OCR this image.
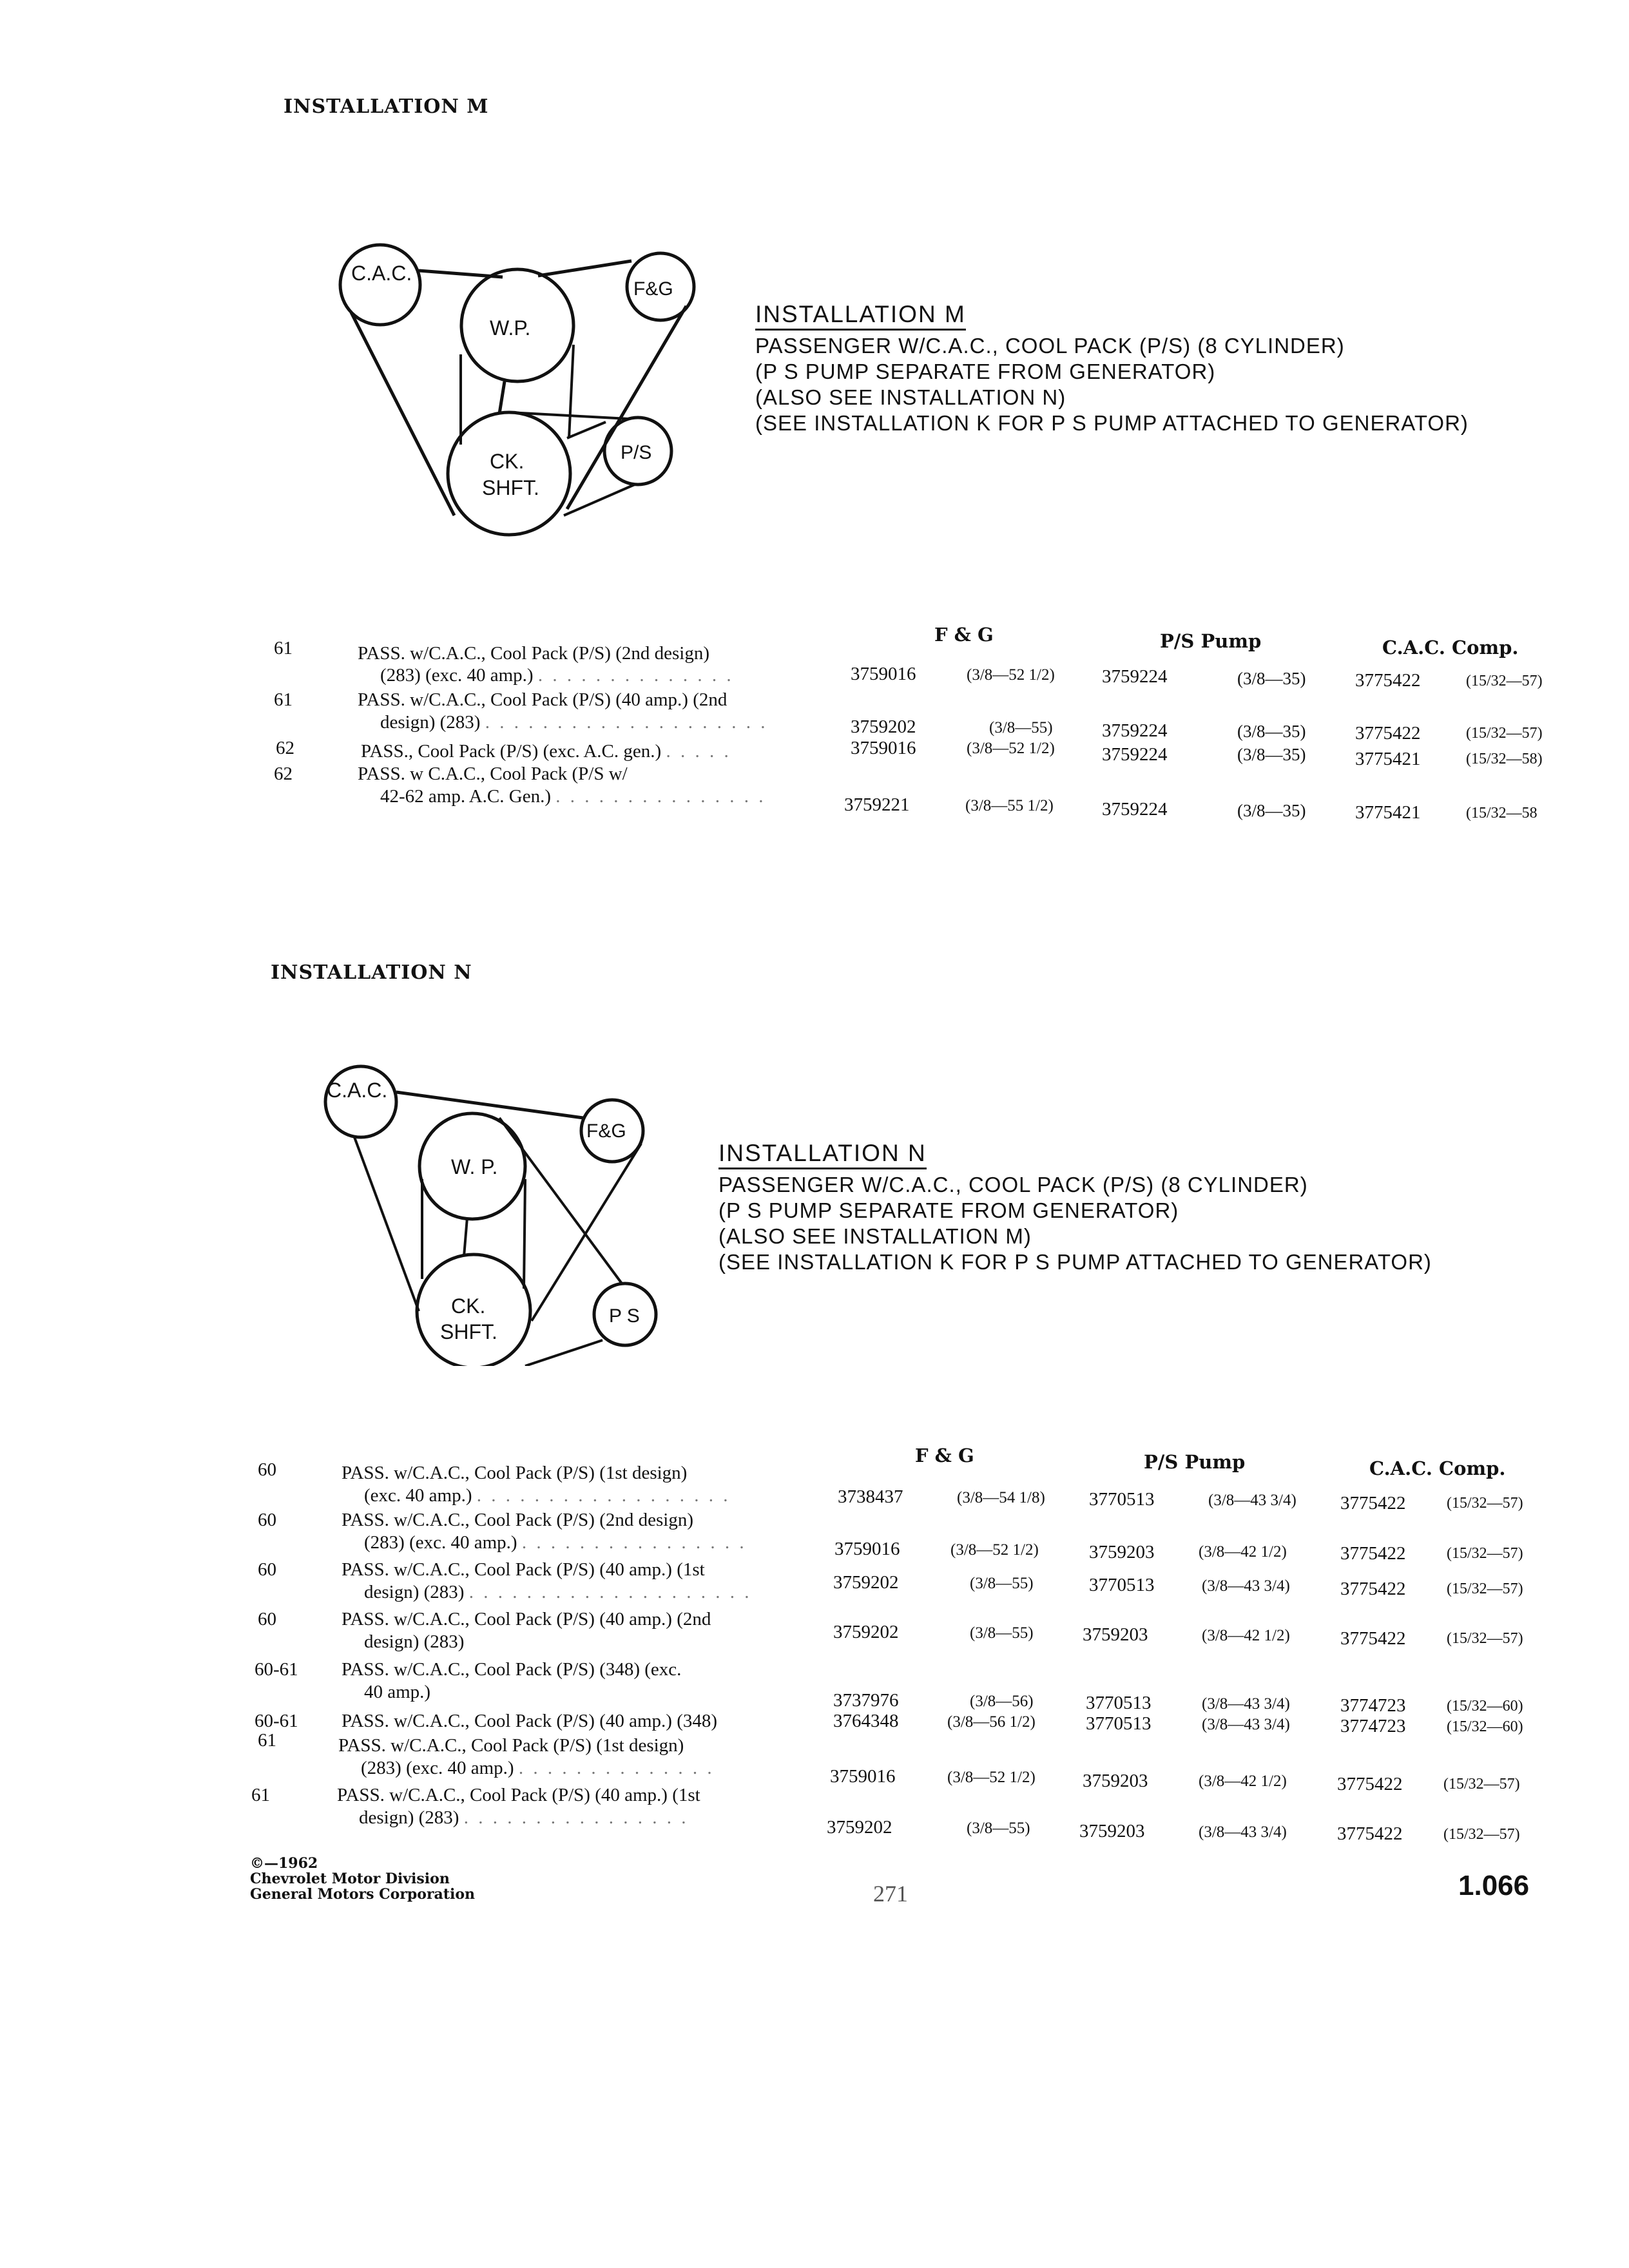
INSTALLATION M
C.A.C.
F&G
W.P.
CK.
SHFT.
P/S
INSTALLATION M
PASSENGER W/C.A.C., COOL PACK (P/S) (8 CYLINDER)
(P S PUMP SEPARATE FROM GENERATOR)
(ALSO SEE INSTALLATION N)
(SEE INSTALLATION K FOR P S PUMP ATTACHED TO GENERATOR)
F & G	P/S Pump	C.A.C. Comp.
61	PASS. w/C.A.C., Cool Pack (P/S) (2nd design)
(283) (exc. 40 amp.) . . . . . . . . . . . . . .	3759016	(3/8—52 1/2)	3759224	(3/8—35)	3775422	(15/32—57)
61	PASS. w/C.A.C., Cool Pack (P/S) (40 amp.) (2nd
design) (283) . . . . . . . . . . . . . . . . . . . .	3759202	(3/8—55)	3759224	(3/8—35)	3775422	(15/32—57)
62	PASS., Cool Pack (P/S) (exc. A.C. gen.) . . . . .	3759016	(3/8—52 1/2)	3759224	(3/8—35)	3775421	(15/32—58)
62	PASS. w C.A.C., Cool Pack (P/S w/
42-62 amp. A.C. Gen.) . . . . . . . . . . . . . . .	3759221	(3/8—55 1/2)	3759224	(3/8—35)	3775421	(15/32—58
INSTALLATION N
C.A.C.
F&G
W. P.
CK.
SHFT.
P S
INSTALLATION N
PASSENGER W/C.A.C., COOL PACK (P/S) (8 CYLINDER)
(P S PUMP SEPARATE FROM GENERATOR)
(ALSO SEE INSTALLATION M)
(SEE INSTALLATION K FOR P S PUMP ATTACHED TO GENERATOR)
F & G	P/S Pump	C.A.C. Comp.
60	PASS. w/C.A.C., Cool Pack (P/S) (1st design)
(exc. 40 amp.) . . . . . . . . . . . . . . . . . .	3738437	(3/8—54 1/8) 3770513	(3/8—43 3/4) 3775422	(15/32—57)
60	PASS. w/C.A.C., Cool Pack (P/S) (2nd design)
(283) (exc. 40 amp.) . . . . . . . . . . . . . . . .	3759016	(3/8—52 1/2)	3759203	(3/8—42 1/2)	3775422	(15/32—57)
60	PASS. w/C.A.C., Cool Pack (P/S) (40 amp.) (1st
design) (283) . . . . . . . . . . . . . . . . . . . .	3759202	(3/8—55)	3770513	(3/8—43 3/4)	3775422	(15/32—57)
60	PASS. w/C.A.C., Cool Pack (P/S) (40 amp.) (2nd
design) (283)	3759202	(3/8—55)	3759203	(3/8—42 1/2)	3775422	(15/32—57)
60-61 PASS. w/C.A.C., Cool Pack (P/S) (348) (exc.
40 amp.)	3737976	(3/8—56)	3770513	(3/8—43 3/4)	3774723	(15/32—60)
60-61 PASS. w/C.A.C., Cool Pack (P/S) (40 amp.) (348)	3764348	(3/8—56 1/2)	3770513	(3/8—43 3/4)	3774723	(15/32—60)
61	PASS. w/C.A.C., Cool Pack (P/S) (1st design)
(283) (exc. 40 amp.) . . . . . . . . . . . . . .	3759016	(3/8—52 1/2)	3759203	(3/8—42 1/2)	3775422	(15/32—57)
61	PASS. w/C.A.C., Cool Pack (P/S) (40 amp.) (1st
design) (283) . . . . . . . . . . . . . . . .	3759202	(3/8—55)	3759203	(3/8—43 3/4)	3775422	(15/32—57)
©—1962
Chevrolet Motor Division
General Motors Corporation	271	1.066
